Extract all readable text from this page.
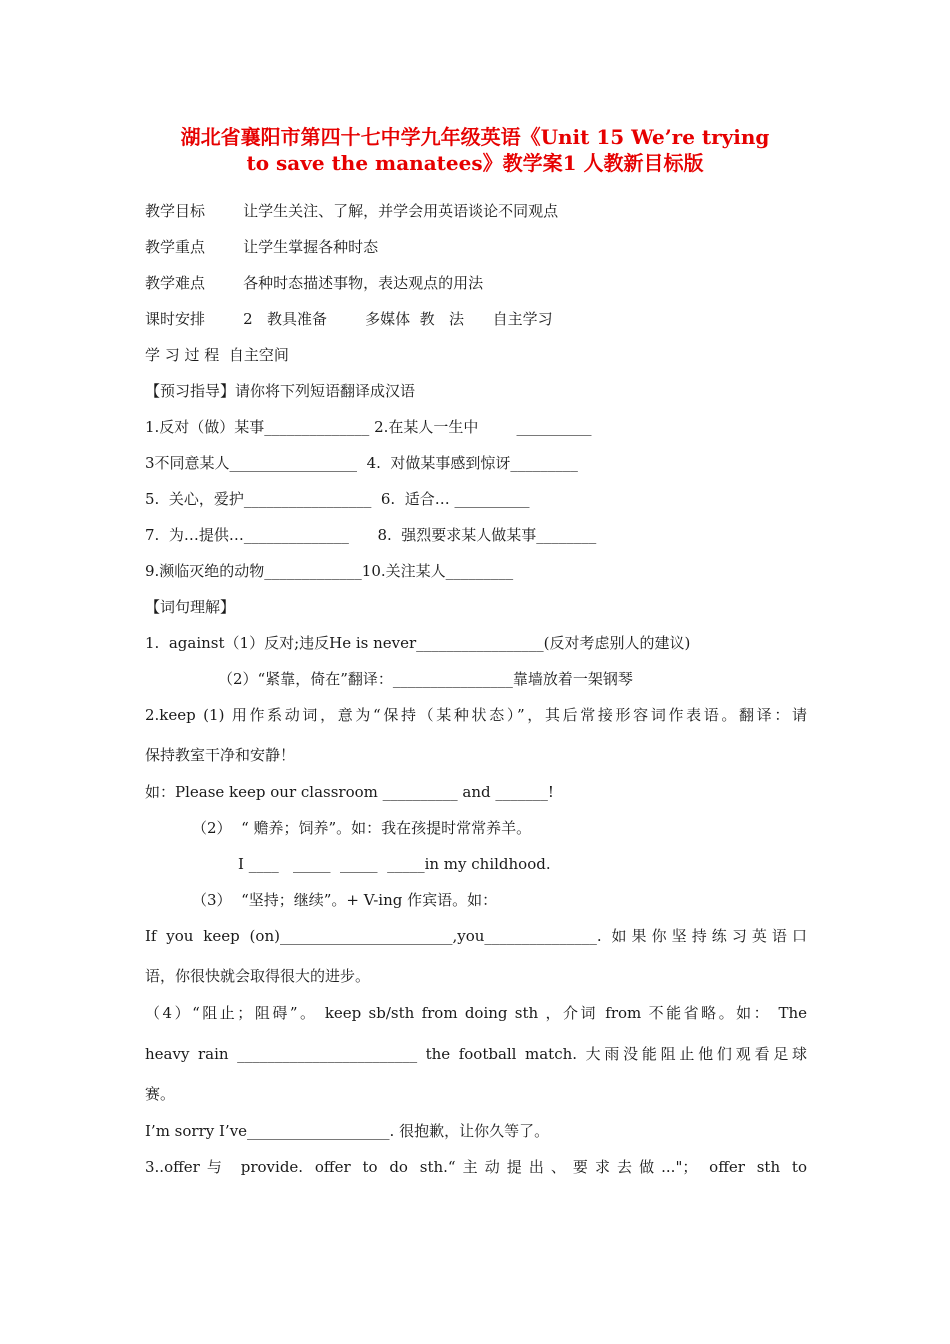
湖北省襄阳市第四十七中学九年级英语《Unit 15 We’re trying
to save the manatees》教学案1 人教新目标版
教学目标        让学生关注、了解，并学会用英语谈论不同观点
教学重点        让学生掌握各种时态
教学难点        各种时态描述事物，表达观点的用法
课时安排        2   教具准备        多媒体  教   法      自主学习
学 习 过 程  自主空间
【预习指导】请你将下列短语翻译成汉语
1.反对（做）某事______________ 2.在某人一生中        __________
3不同意某人_________________  4.  对做某事感到惊讶_________
5.  关心，爱护_________________  6.  适合… __________
7.  为…提供…______________      8.  强烈要求某人做某事________
9.濒临灭绝的动物_____________10.关注某人_________
【词句理解】
1.  against（1）反对;违反He is never_________________(反对考虑别人的建议)
（2）“紧靠，倚在”翻译：________________靠墙放着一架钢琴
2.keep (1) 用作系动词，意为“保持（某种状态）”，其后常接形容词作表语。翻译：请
保持教室干净和安静！
如：Please keep our classroom __________ and _______!
（2）  “ 赡养；饲养”。如：我在孩提时常常养羊。
I ____   _____  _____  _____in my childhood.
（3）  “坚持；继续”。+ V-ing 作宾语。如：
If you keep (on)_______________________,you_______________. 如果你坚持练习英语口
语，你很快就会取得很大的进步。
（4）“阻止；阻碍”。 keep sb/sth from doing sth ，介词 from 不能省略。如： The
heavy rain ________________________ the football match. 大雨没能阻止他们观看足球
赛。
I’m sorry I’ve___________________. 很抱歉，让你久等了。
3..offer与 provide. offer to do sth.“主动提出、要求去做..."； offer sth to
